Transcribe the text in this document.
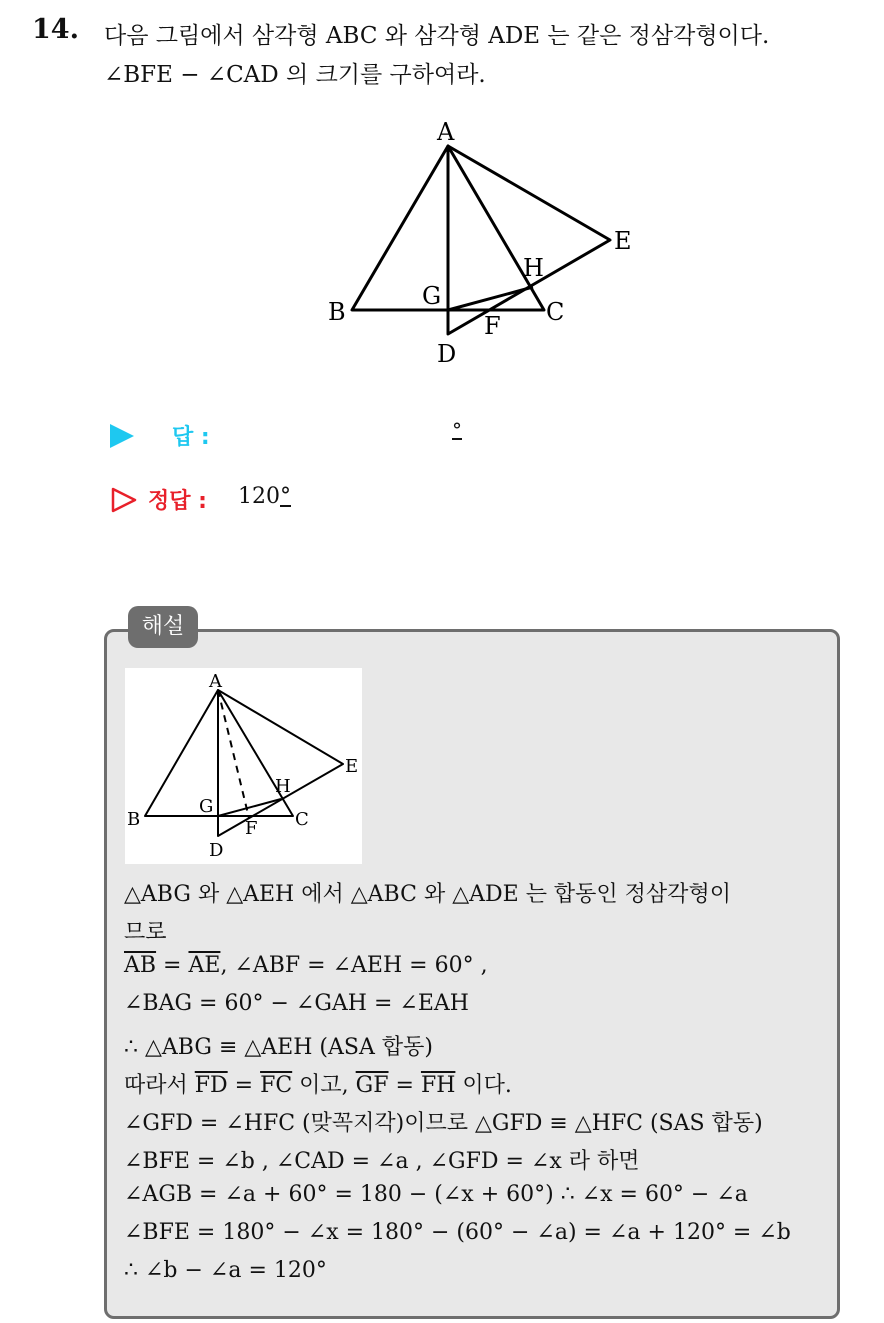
14. 다음 그림에서 삼각형 ABC 와 삼각형 ADE 는 같은 정삼각형이다.
∠BFE − ∠CAD 의 크기를 구하여라.
A
B	C
D
E
F
G
H
답 :	°
정답 : 120°
해설
A
B	C
D
E
F
G
H
△ABG 와 △AEH 에서 △ABC 와 △ADE 는 합동인 정삼각형이
므로
$\overline{AB} = \overline{AE}$, ∠ABF = ∠AEH = 60° ,
∠BAG = 60° − ∠GAH = ∠EAH
∴ △ABG ≡ △AEH (ASA 합동)
따라서 $\overline{FD} = \overline{FC}$ 이고, $\overline{GF} = \overline{FH}$ 이다.
∠GFD = ∠HFC (맞꼭지각)이므로 △GFD ≡ △HFC (SAS 합동)
∠BFE = ∠b , ∠CAD = ∠a , ∠GFD = ∠x 라 하면
∠AGB = ∠a + 60° = 180 − (∠x + 60°) ∴ ∠x = 60° − ∠a
∠BFE = 180° − ∠x = 180° − (60° − ∠a) = ∠a + 120° = ∠b
∴ ∠b − ∠a = 120°
